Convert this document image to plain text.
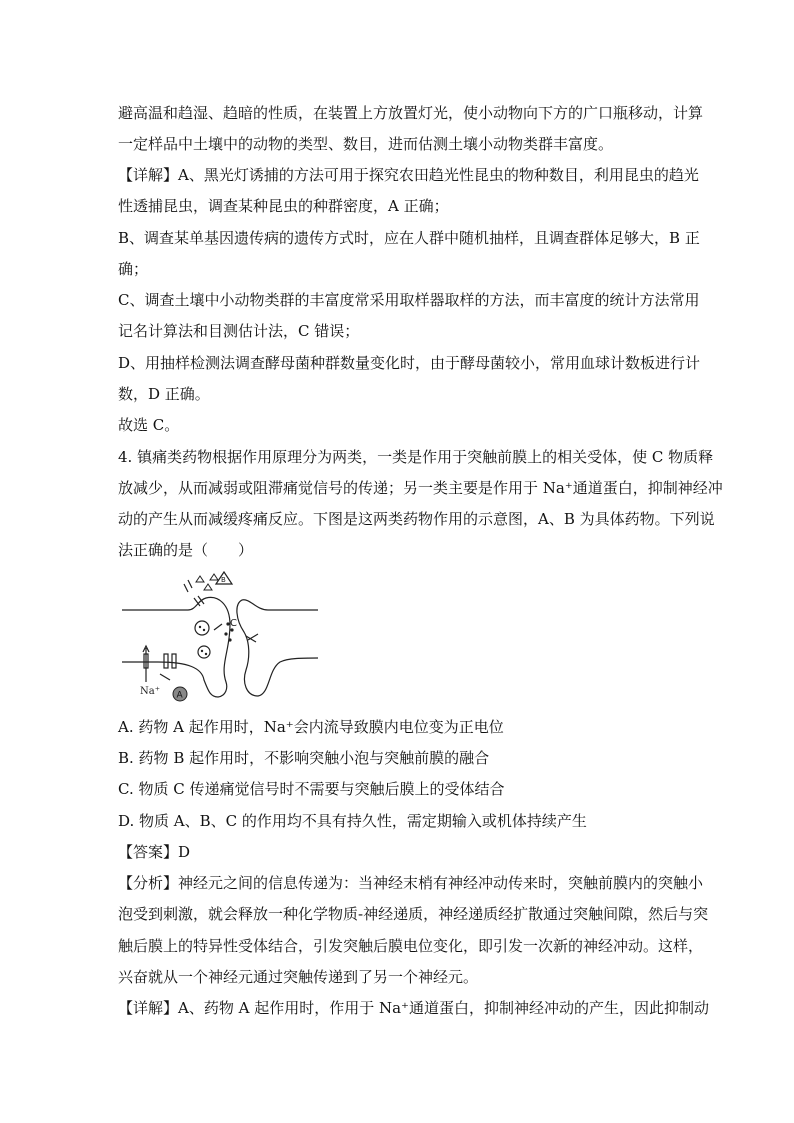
避高温和趋湿、趋暗的性质，在装置上方放置灯光，使小动物向下方的广口瓶移动，计算
一定样品中土壤中的动物的类型、数目，进而估测土壤小动物类群丰富度。
【详解】A、黑光灯诱捕的方法可用于探究农田趋光性昆虫的物种数目，利用昆虫的趋光
性透捕昆虫，调查某种昆虫的种群密度，A 正确；
B、调查某单基因遗传病的遗传方式时，应在人群中随机抽样，且调查群体足够大，B 正
确；
C、调查土壤中小动物类群的丰富度常采用取样器取样的方法，而丰富度的统计方法常用
记名计算法和目测估计法，C 错误；
D、用抽样检测法调查酵母菌种群数量变化时，由于酵母菌较小，常用血球计数板进行计
数，D 正确。
故选 C。
4. 镇痛类药物根据作用原理分为两类，一类是作用于突触前膜上的相关受体，使 C 物质释
放减少，从而减弱或阻滞痛觉信号的传递；另一类主要是作用于 Na⁺通道蛋白，抑制神经冲
动的产生从而减缓疼痛反应。下图是这两类药物作用的示意图，A、B 为具体药物。下列说
法正确的是（　　）
B
C
Na⁺ A
A. 药物 A 起作用时，Na⁺会内流导致膜内电位变为正电位
B. 药物 B 起作用时，不影响突触小泡与突触前膜的融合
C. 物质 C 传递痛觉信号时不需要与突触后膜上的受体结合
D. 物质 A、B、C 的作用均不具有持久性，需定期输入或机体持续产生
【答案】D
【分析】神经元之间的信息传递为：当神经末梢有神经冲动传来时，突触前膜内的突触小
泡受到刺激，就会释放一种化学物质-神经递质，神经递质经扩散通过突触间隙，然后与突
触后膜上的特异性受体结合，引发突触后膜电位变化，即引发一次新的神经冲动。这样，
兴奋就从一个神经元通过突触传递到了另一个神经元。
【详解】A、药物 A 起作用时，作用于 Na⁺通道蛋白，抑制神经冲动的产生，因此抑制动
